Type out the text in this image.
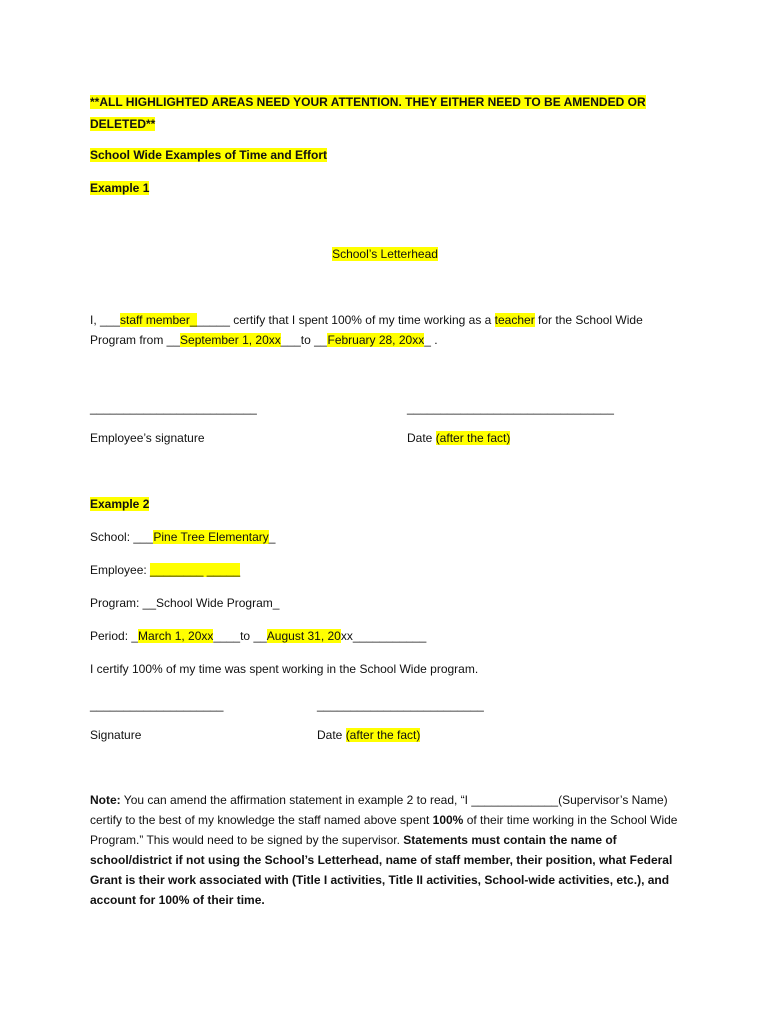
**ALL HIGHLIGHTED AREAS NEED YOUR ATTENTION. THEY EITHER NEED TO BE AMENDED OR
DELETED**
School Wide Examples of Time and Effort
Example 1
School’s Letterhead
I, ___staff member______ certify that I spent 100% of my time working as a teacher for the School Wide
Program from __September 1, 20xx___to __February 28, 20xx_ .
_________________________	_______________________________
Employee’s signature	Date (after the fact)
Example 2
School: ___Pine Tree Elementary_
Employee: ________ _____
Program: __School Wide Program_
Period: _March 1, 20xx____to __August 31, 20xx___________
I certify 100% of my time was spent working in the School Wide program.
____________________	_________________________
Signature	Date (after the fact)
Note: You can amend the affirmation statement in example 2 to read, “I _____________(Supervisor’s Name) certify to the best of my knowledge the staff named above spent 100% of their time working in the School Wide Program.” This would need to be signed by the supervisor. Statements must contain the name of school/district if not using the School’s Letterhead, name of staff member, their position, what Federal Grant is their work associated with (Title I activities, Title II activities, School-wide activities, etc.), and account for 100% of their time.
